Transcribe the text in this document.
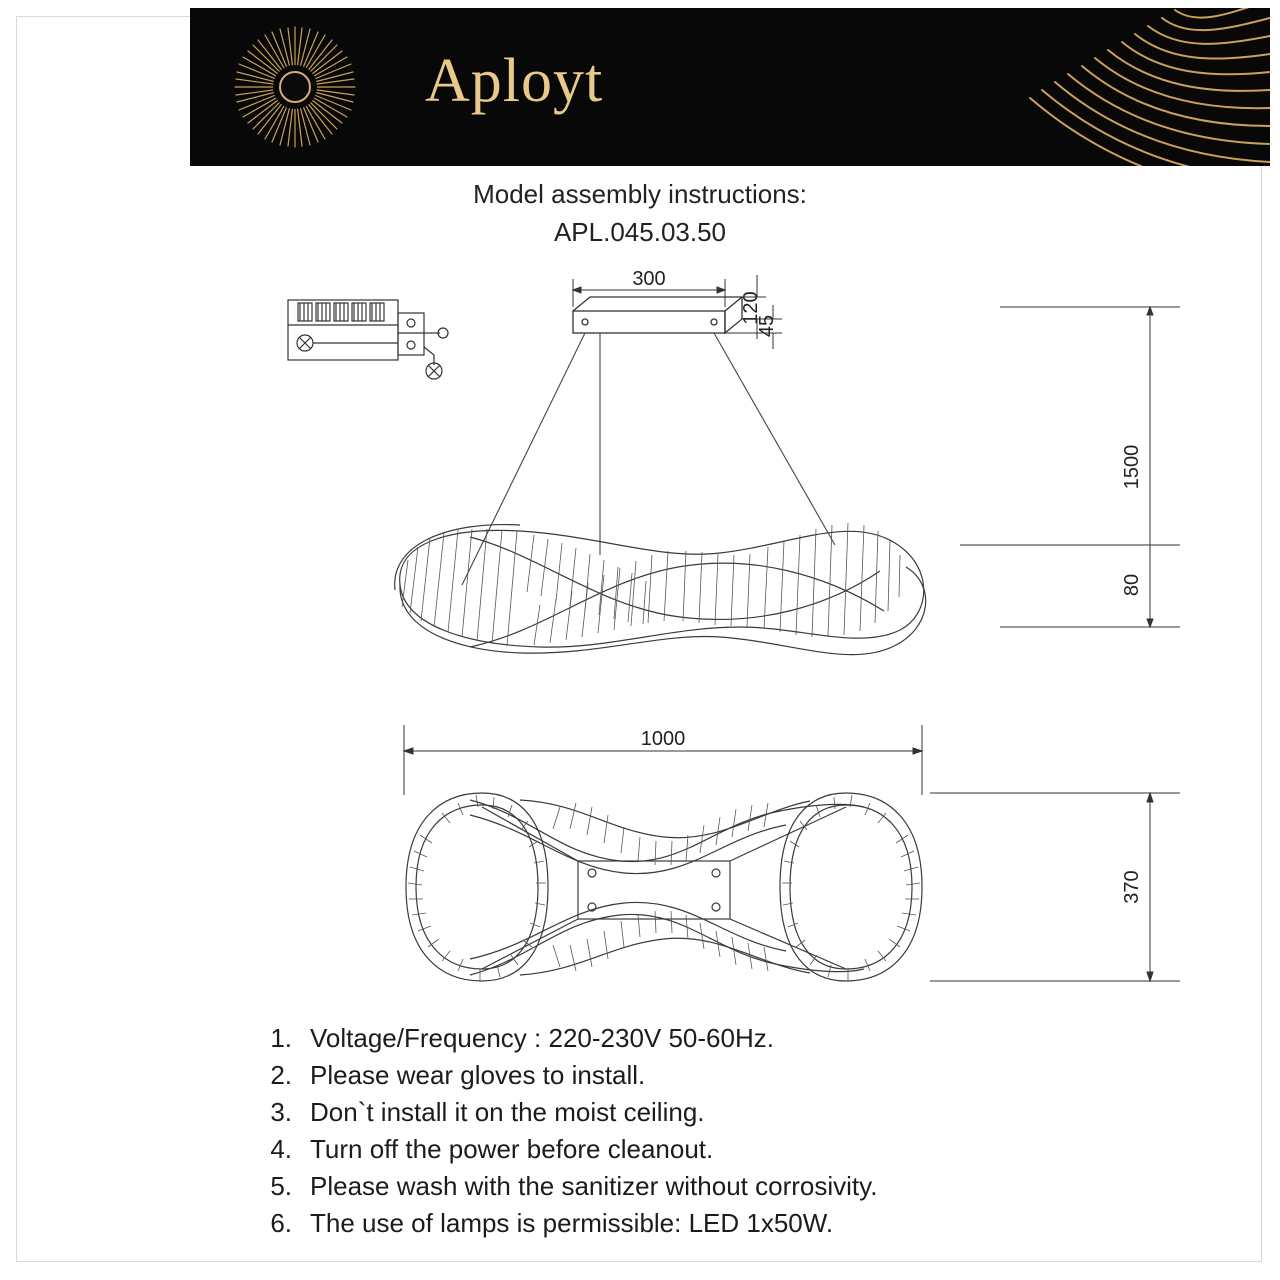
Aployt
Model assembly instructions:
APL.045.03.50
300
120
45
1500
80
1000
370
1. Voltage/Frequency : 220-230V 50-60Hz.
2. Please wear gloves to install.
3. Don`t install it on the moist ceiling.
4. Turn off the power before cleanout.
5. Please wash with the sanitizer without corrosivity.
6. The use of lamps is permissible: LED 1x50W.
